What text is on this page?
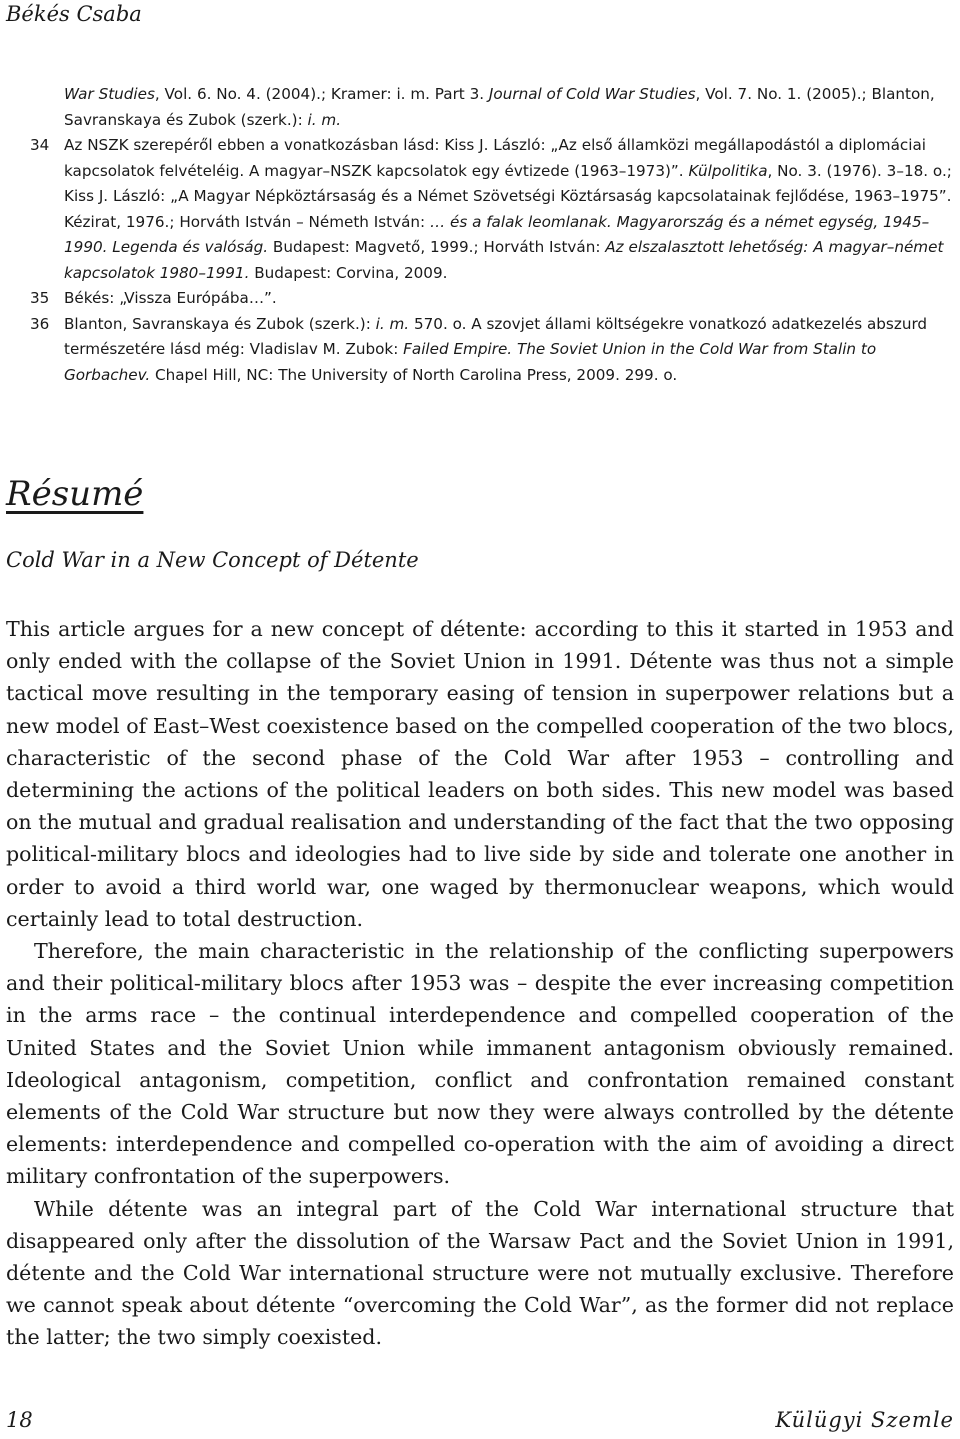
Békés Csaba
War Studies, Vol. 6. No. 4. (2004).; Kramer: i. m. Part 3. Journal of Cold War Studies, Vol. 7. No. 1. (2005).; Blanton, Savranskaya és Zubok (szerk.): i. m.
34 Az NSZK szerepéről ebben a vonatkozásban lásd: Kiss J. László: „Az első államközi megállapodástól a diplomáciai kapcsolatok felvételéig. A magyar–NSZK kapcsolatok egy évtizede (1963–1973)”. Külpolitika, No. 3. (1976). 3–18. o.; Kiss J. László: „A Magyar Népköztársaság és a Német Szövetségi Köztársaság kapcsolatainak fejlődése, 1963–1975”. Kézirat, 1976.; Horváth István – Németh István: … és a falak leomlanak. Magyarország és a német egység, 1945–1990. Legenda és valóság. Budapest: Magvető, 1999.; Horváth István: Az elszalasztott lehetőség: A magyar–német kapcsolatok 1980–1991. Budapest: Corvina, 2009.
35 Békés: „Vissza Európába…”.
36 Blanton, Savranskaya és Zubok (szerk.): i. m. 570. o. A szovjet állami költségekre vonatkozó adatkezelés abszurd természetére lásd még: Vladislav M. Zubok: Failed Empire. The Soviet Union in the Cold War from Stalin to Gorbachev. Chapel Hill, NC: The University of North Carolina Press, 2009. 299. o.
Résumé
Cold War in a New Concept of Détente

This article argues for a new concept of détente: according to this it started in 1953 and only ended with the collapse of the Soviet Union in 1991. Détente was thus not a simple tactical move resulting in the temporary easing of tension in superpower relations but a new model of East–West coexistence based on the compelled cooperation of the two blocs, characteristic of the second phase of the Cold War after 1953 – controlling and determining the actions of the political leaders on both sides. This new model was based on the mutual and gradual realisation and understanding of the fact that the two opposing political-military blocs and ideologies had to live side by side and tolerate one another in order to avoid a third world war, one waged by thermonuclear weapons, which would certainly lead to total destruction.

Therefore, the main characteristic in the relationship of the conflicting superpowers and their political-military blocs after 1953 was – despite the ever increasing competition in the arms race – the continual interdependence and compelled cooperation of the United States and the Soviet Union while immanent antagonism obviously remained. Ideological antagonism, competition, conflict and confrontation remained constant elements of the Cold War structure but now they were always controlled by the détente elements: interdependence and compelled co-operation with the aim of avoiding a direct military confrontation of the superpowers.

While détente was an integral part of the Cold War international structure that disappeared only after the dissolution of the Warsaw Pact and the Soviet Union in 1991, détente and the Cold War international structure were not mutually exclusive. Therefore we cannot speak about détente “overcoming the Cold War”, as the former did not replace the latter; the two simply coexisted.

18	Külügyi Szemle
